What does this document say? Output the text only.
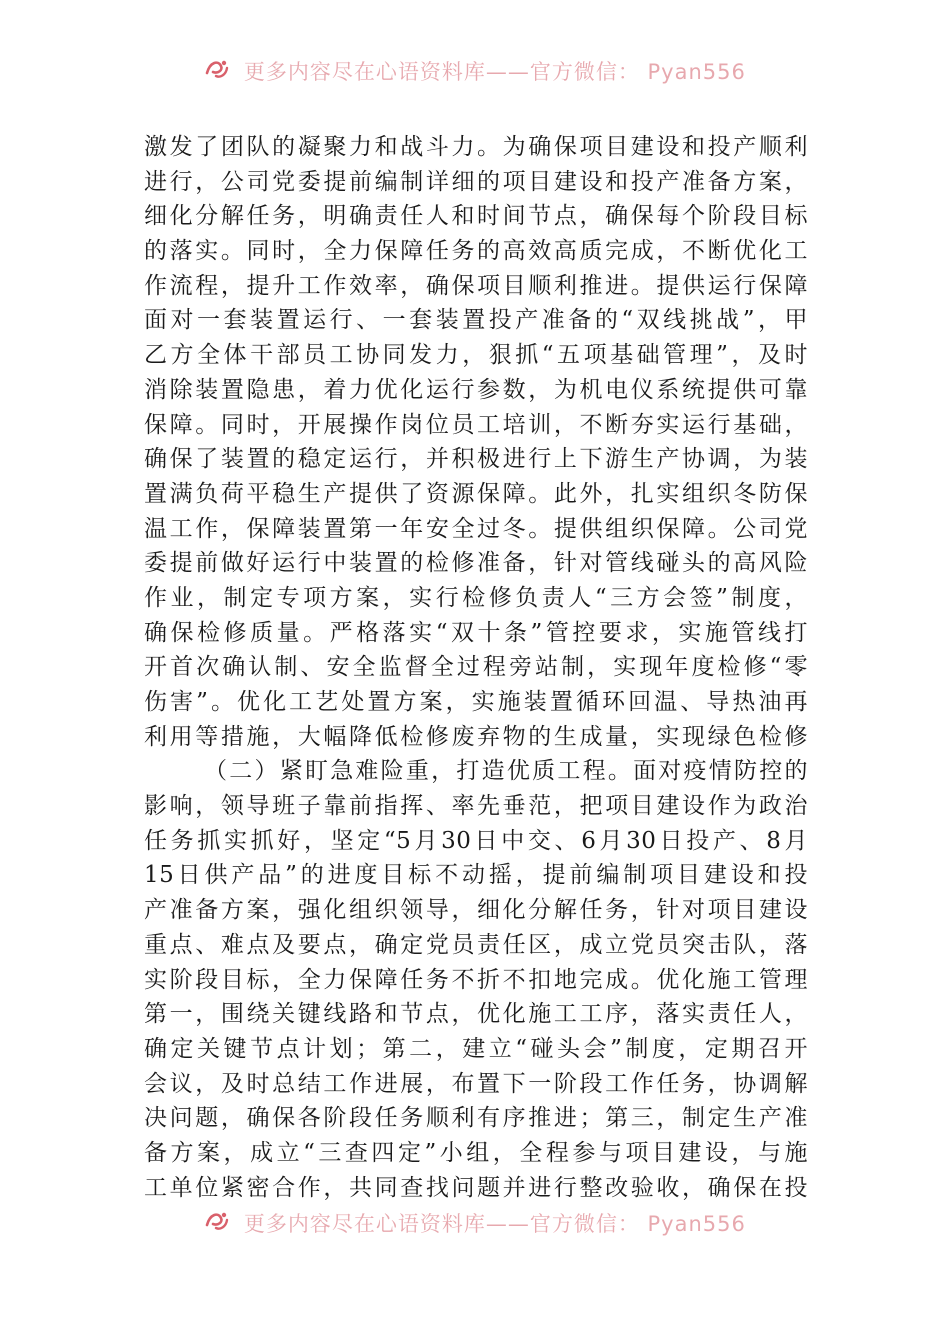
更多内容尽在心语资料库——官方微信： Pyan556
激发了团队的凝聚力和战斗力。为确保项目建设和投产顺利
进行，公司党委提前编制详细的项目建设和投产准备方案，
细化分解任务，明确责任人和时间节点，确保每个阶段目标
的落实。同时，全力保障任务的高效高质完成，不断优化工
作流程，提升工作效率，确保项目顺利推进。提供运行保障
面对一套装置运行、一套装置投产准备的“双线挑战”，甲
乙方全体干部员工协同发力，狠抓“五项基础管理”，及时
消除装置隐患，着力优化运行参数，为机电仪系统提供可靠
保障。同时，开展操作岗位员工培训，不断夯实运行基础，
确保了装置的稳定运行，并积极进行上下游生产协调，为装
置满负荷平稳生产提供了资源保障。此外，扎实组织冬防保
温工作，保障装置第一年安全过冬。提供组织保障。公司党
委提前做好运行中装置的检修准备，针对管线碰头的高风险
作业，制定专项方案，实行检修负责人“三方会签”制度，
确保检修质量。严格落实“双十条”管控要求，实施管线打
开首次确认制、安全监督全过程旁站制，实现年度检修“零
伤害”。优化工艺处置方案，实施装置循环回温、导热油再
利用等措施，大幅降低检修废弃物的生成量，实现绿色检修
（二）紧盯急难险重，打造优质工程。面对疫情防控的
影响，领导班子靠前指挥、率先垂范，把项目建设作为政治
任务抓实抓好，坚定“5月30日中交、6月30日投产、8月
15日供产品”的进度目标不动摇，提前编制项目建设和投
产准备方案，强化组织领导，细化分解任务，针对项目建设
重点、难点及要点，确定党员责任区，成立党员突击队，落
实阶段目标，全力保障任务不折不扣地完成。优化施工管理
第一，围绕关键线路和节点，优化施工工序，落实责任人，
确定关键节点计划；第二，建立“碰头会”制度，定期召开
会议，及时总结工作进展，布置下一阶段工作任务，协调解
决问题，确保各阶段任务顺利有序推进；第三，制定生产准
备方案，成立“三查四定”小组，全程参与项目建设，与施
工单位紧密合作，共同查找问题并进行整改验收，确保在投
更多内容尽在心语资料库——官方微信： Pyan556
